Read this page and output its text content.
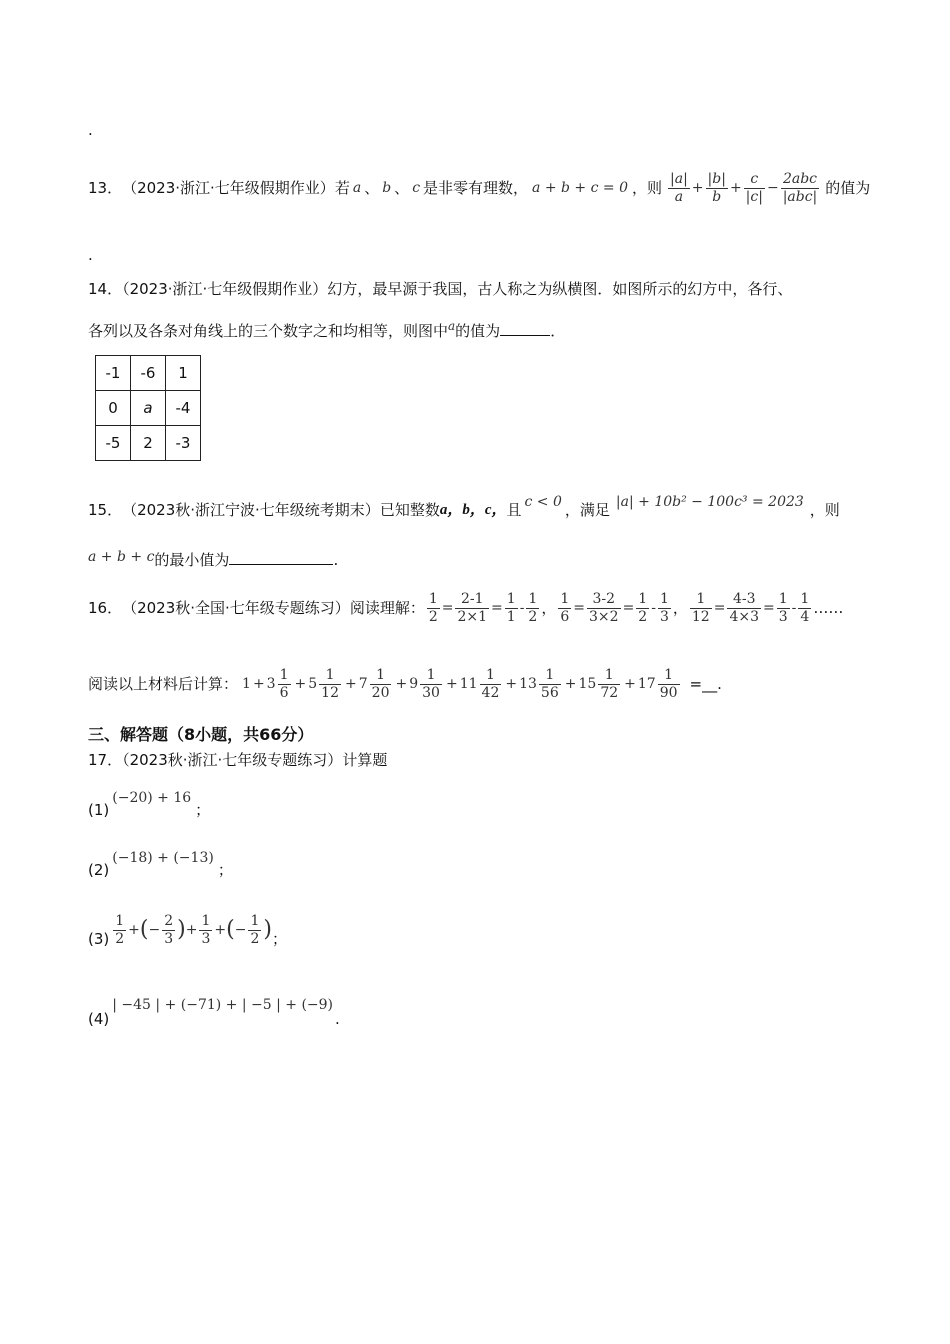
.
13． （2023·浙江·七年级假期作业） 若 a 、 b 、 c 是非零有理数， a + b + c = 0 ，则 $\frac{|a|}{a} + \frac{|b|}{b} + \frac{c}{|c|} - \frac{\text{2abc}}{\text{|abc|}}$ 的值为
.
14．（2023·浙江·七年级假期作业）幻方，最早源于我国，古人称之为纵横图．如图所示的幻方中，各行、
各列以及各条对角线上的三个数字之和均相等，则图中$^a$的值为	．
-1	-6	1
0	a	-4
-5	2	-3
15． （2023秋·浙江宁波·七年级统考期末） 已知整数 a，b，c， 且 c < 0 ，满足 |a| + 10b² − 100c³ = 2023 ，则
a + b + c的最小值为	.
16． （2023秋·全国·七年级专题练习） 阅读理解： $\frac{1}{2} = \frac{2-1}{2\times 1} = \frac{1}{1} - \frac{1}{2}$ ， $\frac{1}{6} = \frac{3-2}{3\times 2} = \frac{1}{2} - \frac{1}{3}$ ， $\frac{1}{12} = \frac{4-3}{4\times 3} = \frac{1}{3} - \frac{1}{4}$ ……
阅读以上材料后计算： $1 + 3 \frac{1}{6} + 5 \frac{1}{12} + 7 \frac{1}{20} + 9 \frac{1}{30} + 11 \frac{1}{42} + 13 \frac{1}{56} + 15 \frac{1}{72} + 17 \frac{1}{90}$ =__.
三、解答题（8小题，共66分）
17．（2023秋·浙江·七年级专题练习）计算题
(1)
(−20) + 16
；
(2)
(−18) + (−13)
；
$(3) \frac{1}{2}$ + ( − $\frac{2}{3}$ ) + $\frac{1}{3}$ + ( − $\frac{1}{2}$ ) ；
(4)
| −45 | + (−71) + | −5 | + (−9)
.
